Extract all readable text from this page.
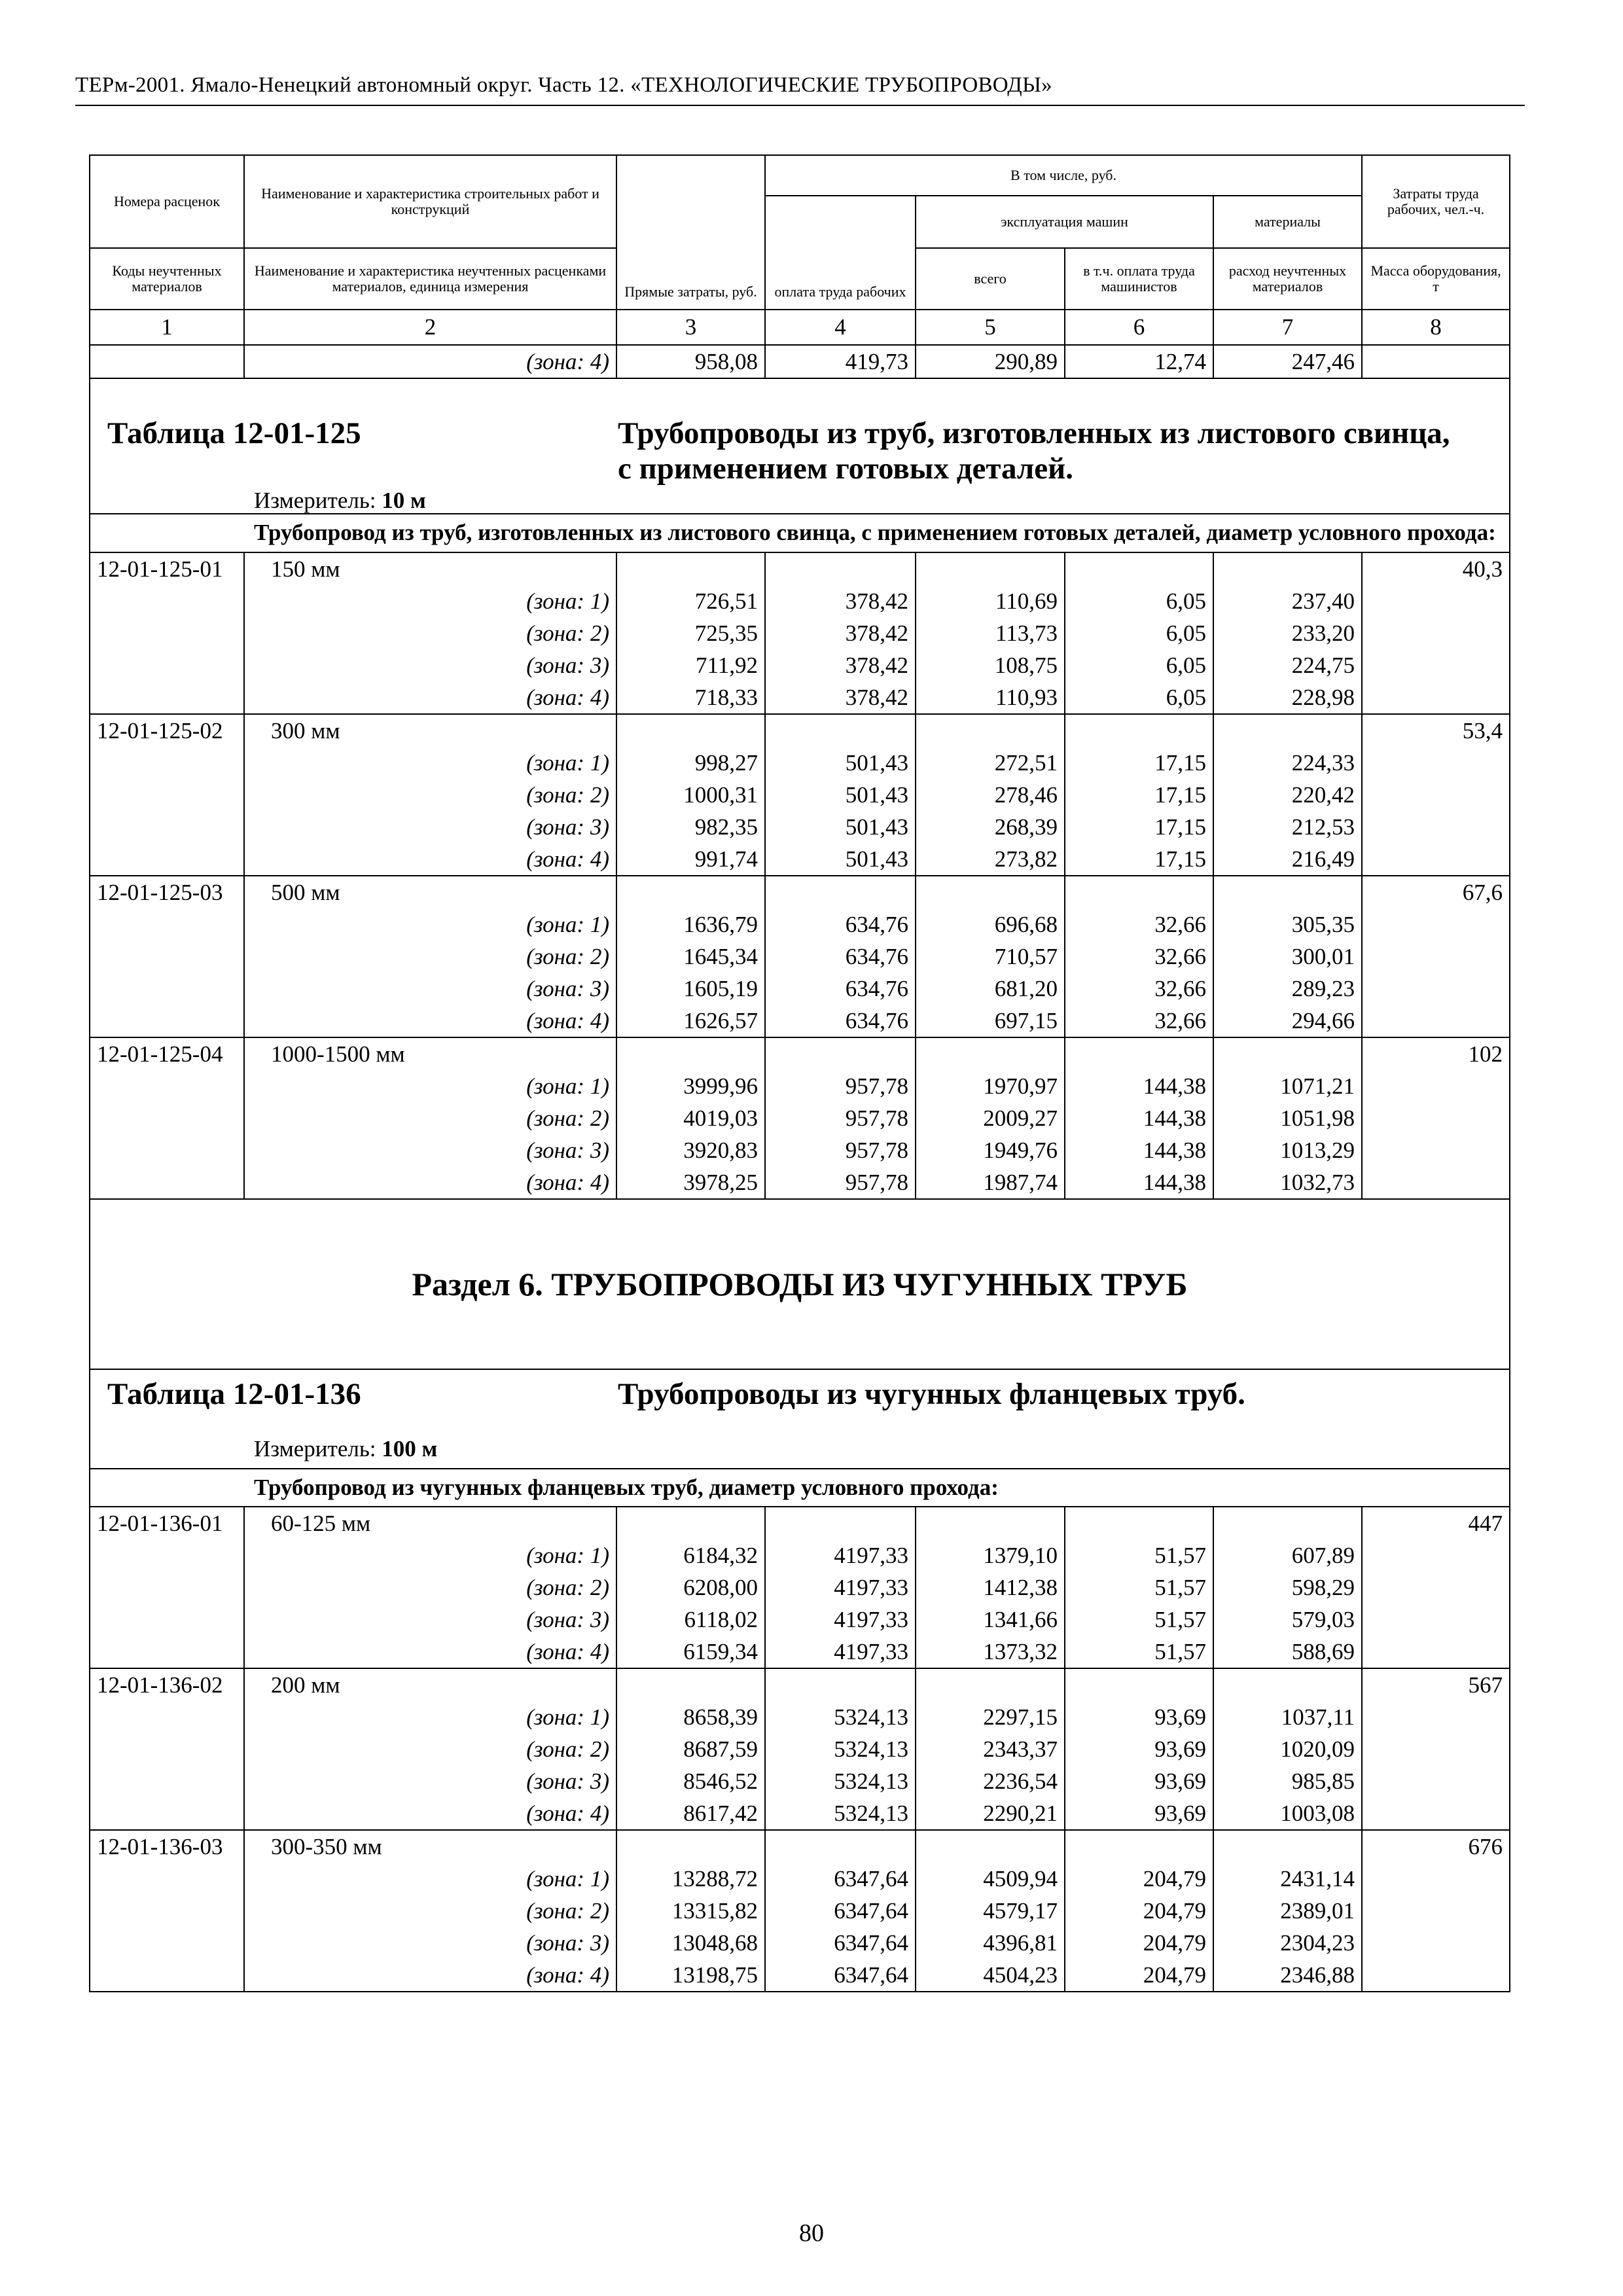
ТЕРм-2001. Ямало-Ненецкий автономный округ. Часть 12. «ТЕХНОЛОГИЧЕСКИЕ ТРУБОПРОВОДЫ»
Номера расценок	Наименование и характеристика строительных работ и конструкций	Прямые затраты, руб.	В том числе, руб.				Затраты труда рабочих, чел.-ч.
			оплата труда рабочих	эксплуатация машин		материалы	
Коды неучтенных материалов	Наименование и характеристика неучтенных расценками материалов, единица измерения			всего	в т.ч. оплата труда машинистов	расход неучтенных материалов	Масса оборудования, т
1	2	3	4	5	6	7	8
	(зона: 4)	958,08	419,73	290,89	12,74	247,46	

Таблица 12-01-125 Трубопроводы из труб, изготовленных из листового свинца, с применением готовых деталей.
Измеритель: 10 м							

Трубопровод из труб, изготовленных из листового свинца, с применением готовых деталей, диаметр условного прохода:							
12-01-125-01	150 мм						40,3
	(зона: 1)	726,51	378,42	110,69	6,05	237,40	
	(зона: 2)	725,35	378,42	113,73	6,05	233,20	
	(зона: 3)	711,92	378,42	108,75	6,05	224,75	
	(зона: 4)	718,33	378,42	110,93	6,05	228,98	
12-01-125-02	300 мм						53,4
	(зона: 1)	998,27	501,43	272,51	17,15	224,33	
	(зона: 2)	1000,31	501,43	278,46	17,15	220,42	
	(зона: 3)	982,35	501,43	268,39	17,15	212,53	
	(зона: 4)	991,74	501,43	273,82	17,15	216,49	
12-01-125-03	500 мм						67,6
	(зона: 1)	1636,79	634,76	696,68	32,66	305,35	
	(зона: 2)	1645,34	634,76	710,57	32,66	300,01	
	(зона: 3)	1605,19	634,76	681,20	32,66	289,23	
	(зона: 4)	1626,57	634,76	697,15	32,66	294,66	
12-01-125-04	1000-1500 мм						102
	(зона: 1)	3999,96	957,78	1970,97	144,38	1071,21	
	(зона: 2)	4019,03	957,78	2009,27	144,38	1051,98	
	(зона: 3)	3920,83	957,78	1949,76	144,38	1013,29	
	(зона: 4)	3978,25	957,78	1987,74	144,38	1032,73	

Раздел 6. ТРУБОПРОВОДЫ ИЗ ЧУГУННЫХ ТРУБ							

Таблица 12-01-136 Трубопроводы из чугунных фланцевых труб.
Измеритель: 100 м							

Трубопровод из чугунных фланцевых труб, диаметр условного прохода:							
12-01-136-01	60-125 мм						447
	(зона: 1)	6184,32	4197,33	1379,10	51,57	607,89	
	(зона: 2)	6208,00	4197,33	1412,38	51,57	598,29	
	(зона: 3)	6118,02	4197,33	1341,66	51,57	579,03	
	(зона: 4)	6159,34	4197,33	1373,32	51,57	588,69	
12-01-136-02	200 мм						567
	(зона: 1)	8658,39	5324,13	2297,15	93,69	1037,11	
	(зона: 2)	8687,59	5324,13	2343,37	93,69	1020,09	
	(зона: 3)	8546,52	5324,13	2236,54	93,69	985,85	
	(зона: 4)	8617,42	5324,13	2290,21	93,69	1003,08	
12-01-136-03	300-350 мм						676
	(зона: 1)	13288,72	6347,64	4509,94	204,79	2431,14	
	(зона: 2)	13315,82	6347,64	4579,17	204,79	2389,01	
	(зона: 3)	13048,68	6347,64	4396,81	204,79	2304,23	
	(зона: 4)	13198,75	6347,64	4504,23	204,79	2346,88	
80
